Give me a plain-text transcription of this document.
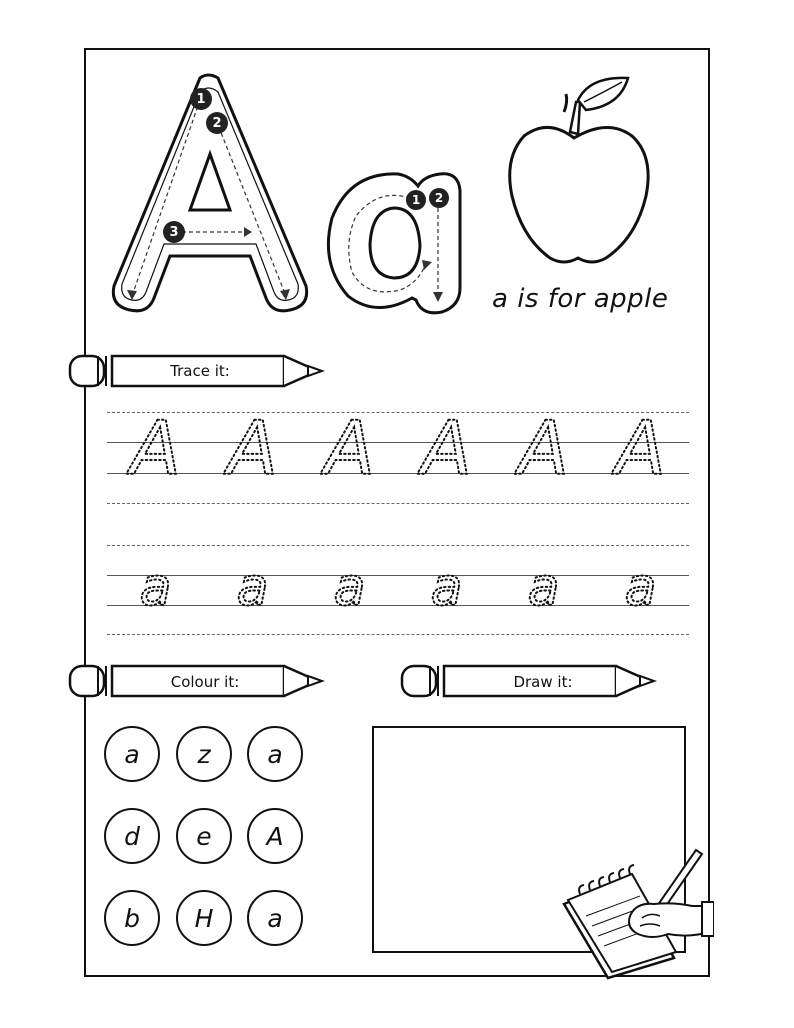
1
2
3
1	2
a is for apple
Trace it:
A A A A A A
a a a a a a
Colour it:	Draw it:
a	z	a
d	e	A
b	H	a
